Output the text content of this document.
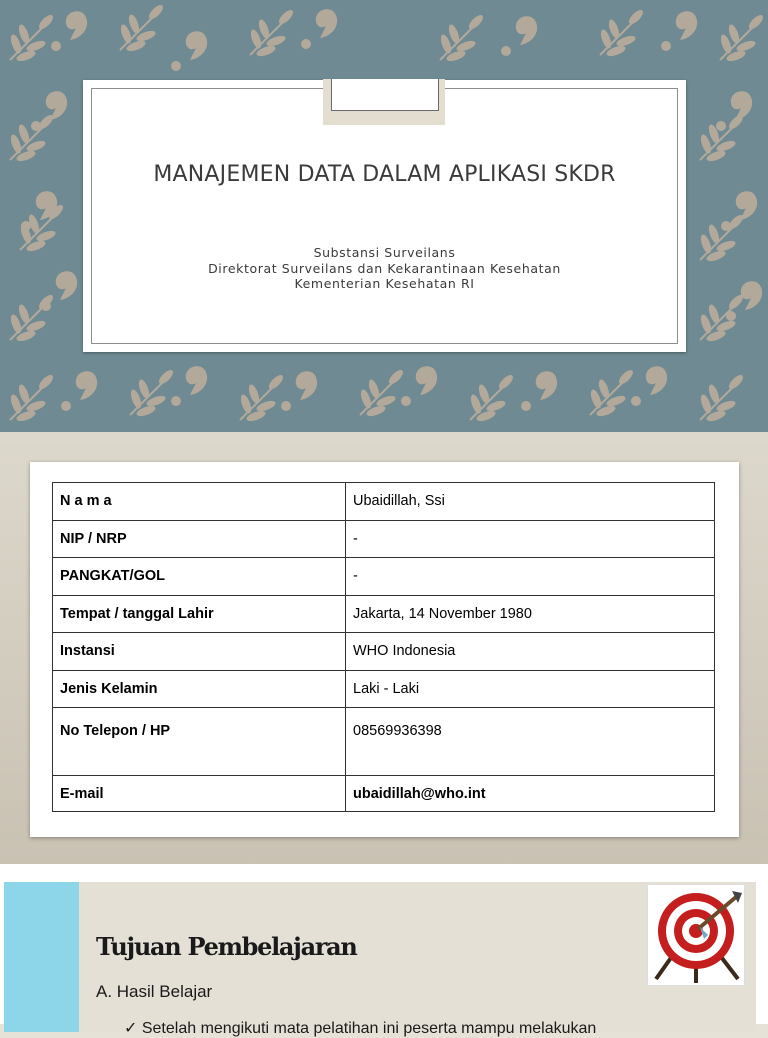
MANAJEMEN DATA DALAM APLIKASI SKDR
Substansi Surveilans
Direktorat Surveilans dan Kekarantinaan Kesehatan
Kementerian Kesehatan RI
N a m a	Ubaidillah, Ssi
NIP / NRP	-
PANGKAT/GOL	-
Tempat / tanggal Lahir	Jakarta, 14 November 1980
Instansi	WHO Indonesia
Jenis Kelamin	Laki - Laki
No Telepon / HP	08569936398
E-mail	ubaidillah@who.int
Tujuan Pembelajaran
A. Hasil Belajar
✓ Setelah mengikuti mata pelatihan ini peserta mampu melakukan
